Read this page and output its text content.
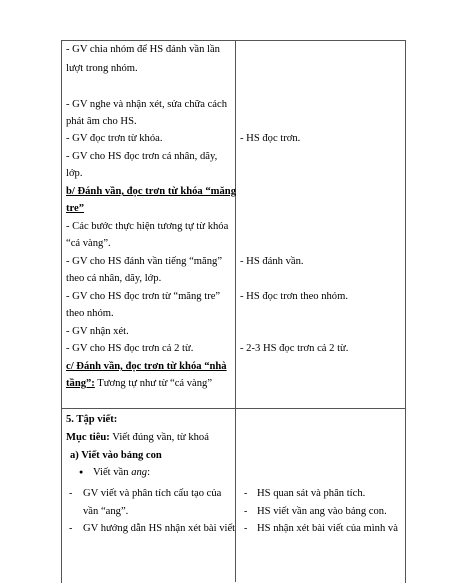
- GV chia nhóm để HS đánh vần lần
lượt trong nhóm.
- GV nghe và nhận xét, sửa chữa cách
phát âm cho HS.
- GV đọc trơn từ khóa.
- GV cho HS đọc trơn cá nhân, dãy,
lớp.
b/ Đánh vần, đọc trơn từ khóa “măng
tre”
- Các bước thực hiện tương tự từ khóa
“cá vàng”.
- GV cho HS đánh vần tiếng “măng”
theo cá nhân, dãy, lớp.
- GV cho HS đọc trơn từ “măng tre”
theo nhóm.
- GV nhận xét.
- GV cho HS đọc trơn cả 2 từ.
c/ Đánh vần, đọc trơn từ khóa “nhà
tầng”: Tương tự như từ “cá vàng”
5. Tập viết:
Mục tiêu: Viết đúng vần, từ khoá
a) Viết vào bảng con
● Viết vần ang:
- GV viết và phân tích cấu tạo của
vần “ang”.
- GV hướng dẫn HS nhận xét bài viết
- HS đọc trơn.
- HS đánh vần.
- HS đọc trơn theo nhóm.
- 2-3 HS đọc trơn cả 2 từ.
- HS quan sát và phân tích.
- HS viết vần ang vào bảng con.
- HS nhận xét bài viết của mình và
